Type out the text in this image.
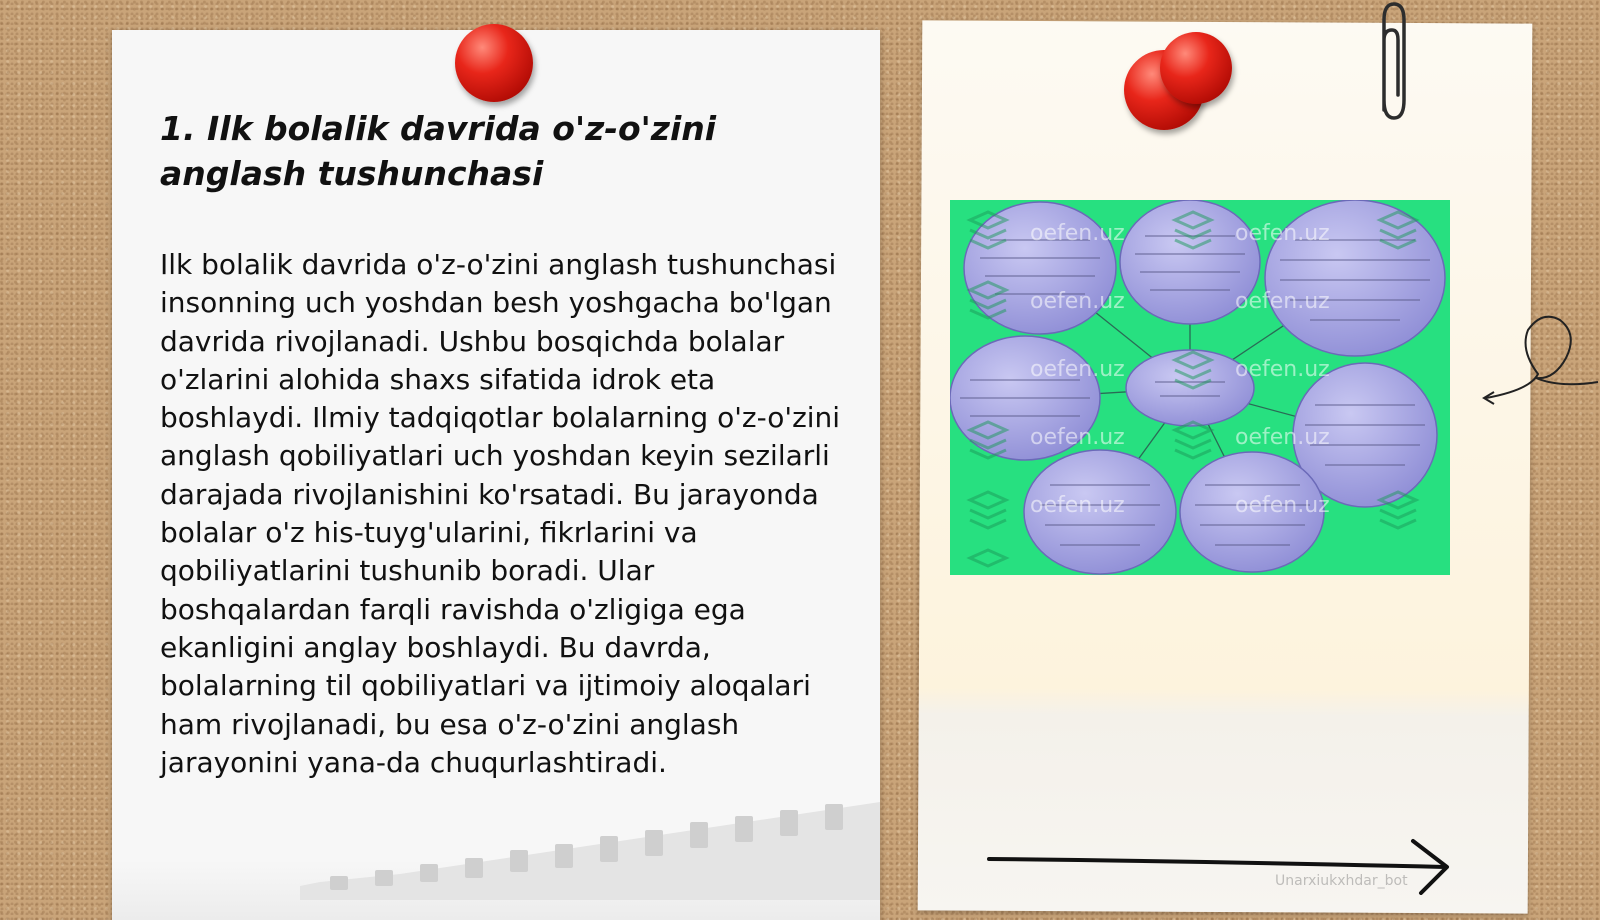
1. Ilk bolalik davrida o'z-o'zini anglash tushunchasi

Ilk bolalik davrida o'z-o'zini anglash tushunchasi insonning uch yoshdan besh yoshgacha bo'lgan davrida rivojlanadi. Ushbu bosqichda bolalar o'zlarini alohida shaxs sifatida idrok eta boshlaydi. Ilmiy tadqiqotlar bolalarning o'z-o'zini anglash qobiliyatlari uch yoshdan keyin sezilarli darajada rivojlanishini ko'rsatadi. Bu jarayonda bolalar o'z his-tuyg'ularini, fikrlarini va qobiliyatlarini tushunib boradi. Ular boshqalardan farqli ravishda o'zligiga ega ekanligini anglay boshlaydi. Bu davrda, bolalarning til qobiliyatlari va ijtimoiy aloqalari ham rivojlanadi, bu esa o'z-o'zini anglash jarayonini yana-da chuqurlashtiradi.

oefen.uz	oefen.uz
oefen.uz	oefen.uz
oefen.uz	oefen.uz
oefen.uz	oefen.uz
oefen.uz	oefen.uz
Unarxiukxhdar_bot
